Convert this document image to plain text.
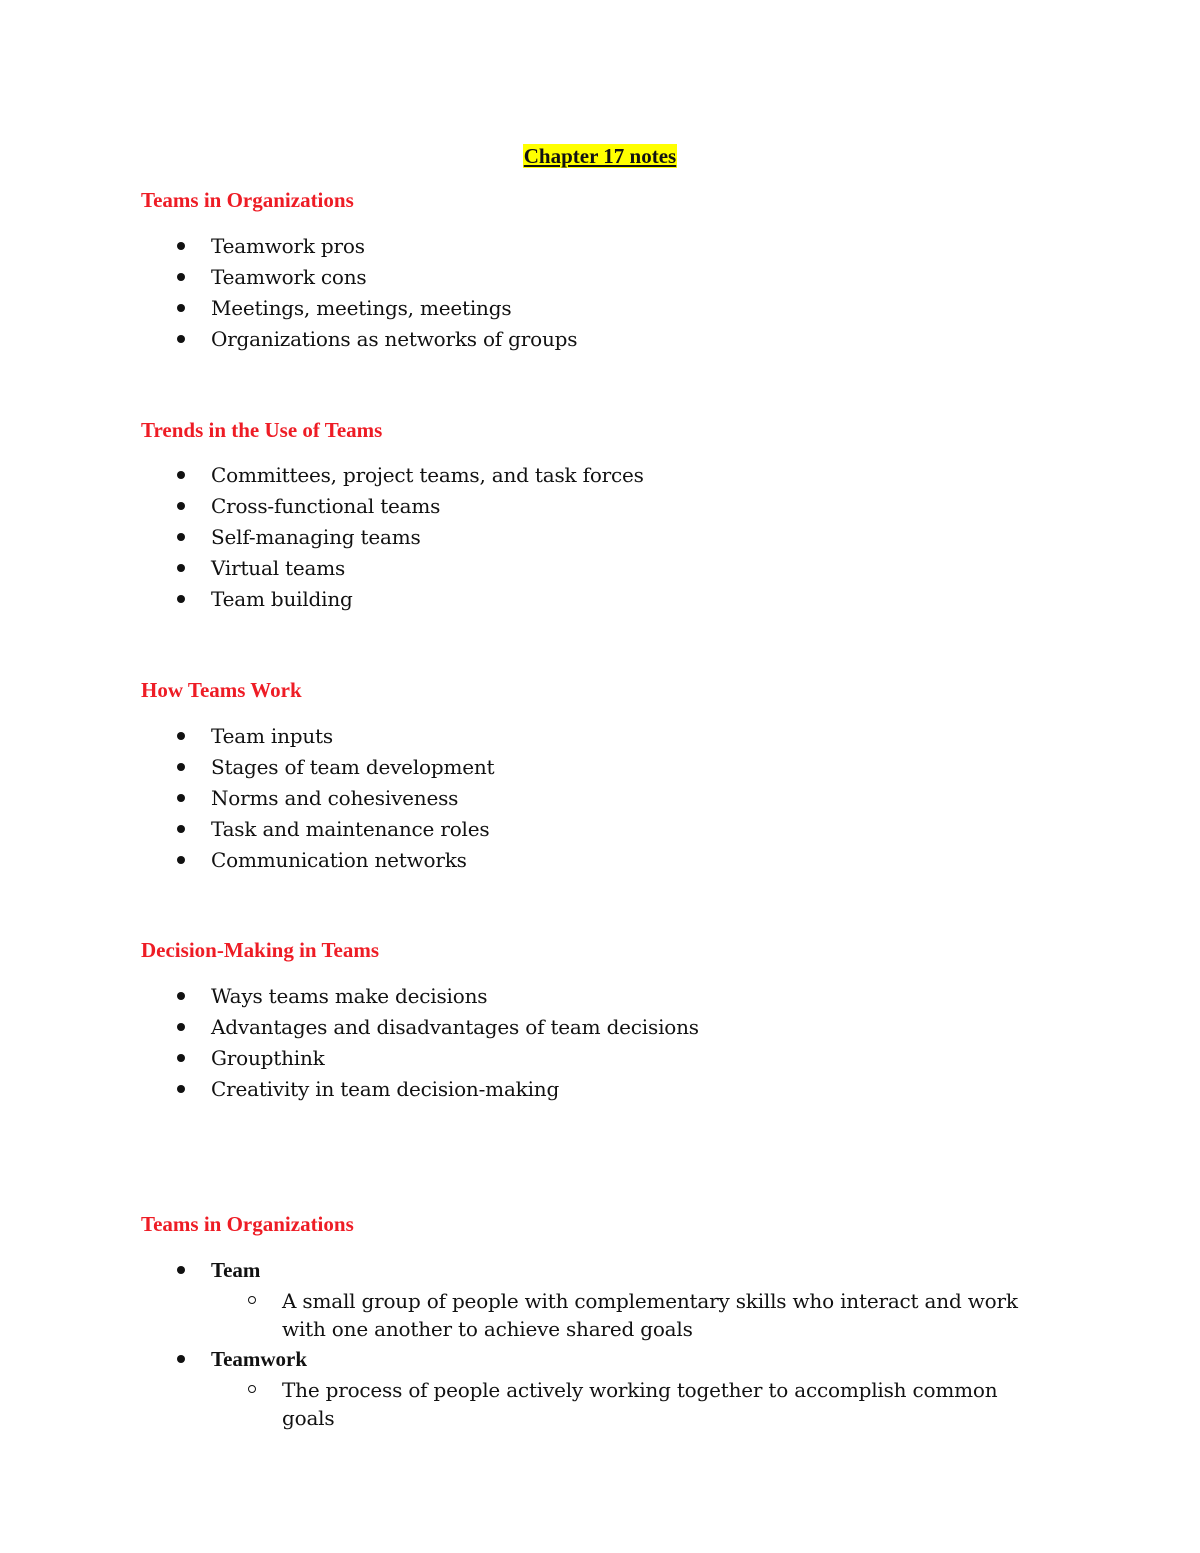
Chapter 17 notes
Teams in Organizations
Teamwork pros
Teamwork cons
Meetings, meetings, meetings
Organizations as networks of groups
Trends in the Use of Teams
Committees, project teams, and task forces
Cross-functional teams
Self-managing teams
Virtual teams
Team building
How Teams Work
Team inputs
Stages of team development
Norms and cohesiveness
Task and maintenance roles
Communication networks
Decision-Making in Teams
Ways teams make decisions
Advantages and disadvantages of team decisions
Groupthink
Creativity in team decision-making
Teams in Organizations
Team
A small group of people with complementary skills who interact and work with one another to achieve shared goals
Teamwork
The process of people actively working together to accomplish common goals
